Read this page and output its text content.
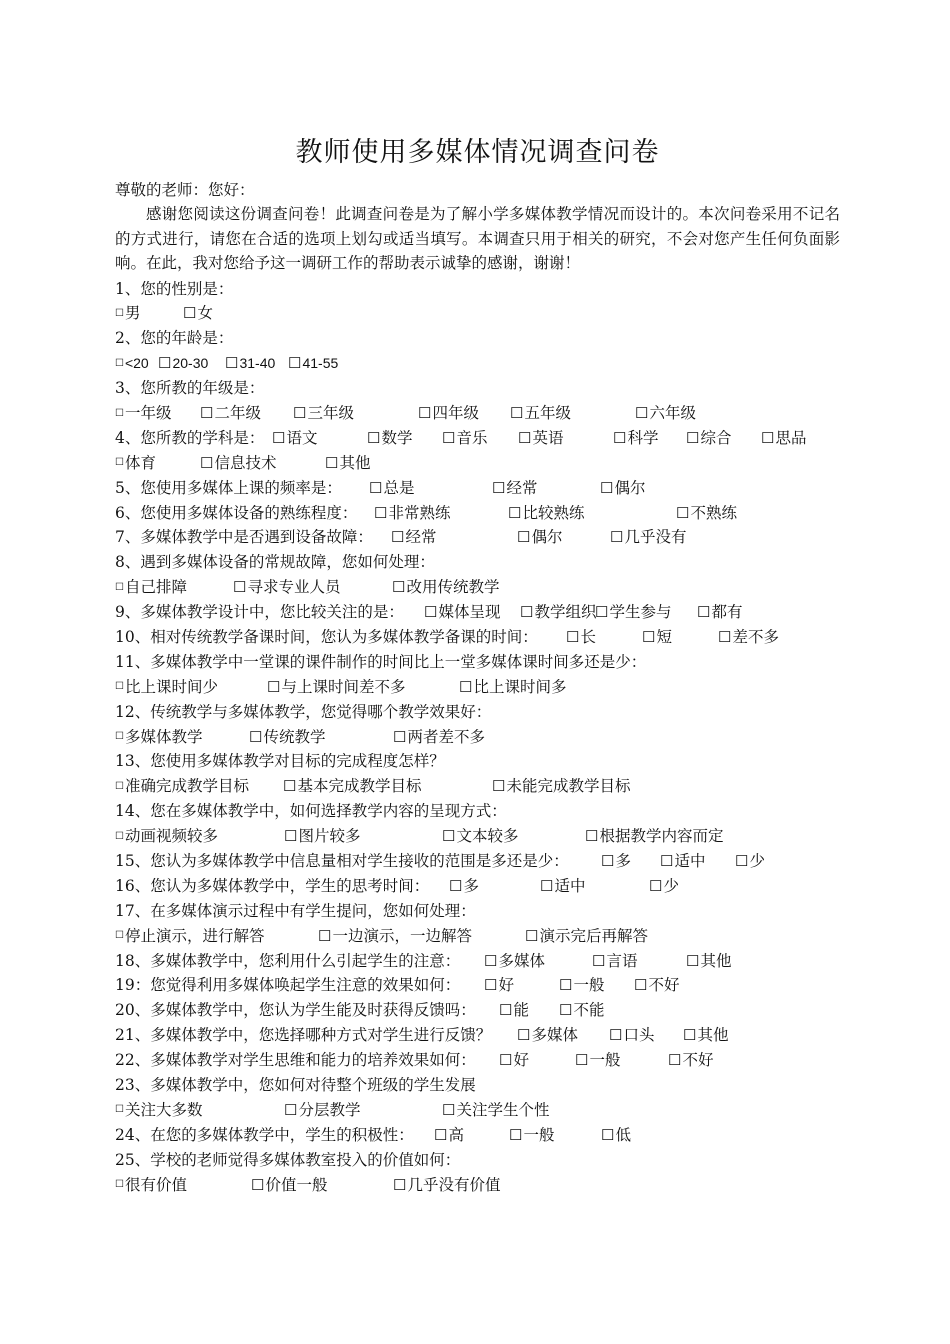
教师使用多媒体情况调查问卷
尊敬的老师：您好：
感谢您阅读这份调查问卷！此调查问卷是为了解小学多媒体教学情况而设计的。本次问卷采用不记名的方式进行，请您在合适的选项上划勾或适当填写。本调查只用于相关的研究，不会对您产生任何负面影响。在此，我对您给予这一调研工作的帮助表示诚挚的感谢，谢谢！
1、您的性别是：
☐男	☐女
2、您的年龄是：
☐<20 ☐20-30 ☐31-40 ☐41-55
3、您所教的年级是：
☐一年级 ☐二年级 ☐三年级	☐四年级 ☐五年级	☐六年级
4、您所教的学科是： ☐语文	☐数学 ☐音乐 ☐英语	☐科学 ☐综合 ☐思品
☐体育	☐信息技术	☐其他
5、您使用多媒体上课的频率是： ☐总是	☐经常	☐偶尔
6、您使用多媒体设备的熟练程度： ☐非常熟练	☐比较熟练	☐不熟练
7、多媒体教学中是否遇到设备故障： ☐经常	☐偶尔	☐几乎没有
8、遇到多媒体设备的常规故障，您如何处理：
☐自己排障	☐寻求专业人员	☐改用传统教学
9、多媒体教学设计中，您比较关注的是： ☐媒体呈现 ☐教学组织
☐学生参与 ☐都有
10、相对传统教学备课时间，您认为多媒体教学备课的时间： ☐长	☐短	☐差不多
11、多媒体教学中一堂课的课件制作的时间比上一堂多媒体课时间多还是少：
☐比上课时间少	☐与上课时间差不多	☐比上课时间多
12、传统教学与多媒体教学，您觉得哪个教学效果好：
☐多媒体教学	☐传统教学	☐两者差不多
13、您使用多媒体教学对目标的完成程度怎样？
☐准确完成教学目标 ☐基本完成教学目标	☐未能完成教学目标
14、您在多媒体教学中，如何选择教学内容的呈现方式：
☐动画视频较多	☐图片较多	☐文本较多	☐根据教学内容而定
15、您认为多媒体教学中信息量相对学生接收的范围是多还是少： ☐多 ☐适中 ☐少
16、您认为多媒体教学中，学生的思考时间： ☐多	☐适中	☐少
17、在多媒体演示过程中有学生提问，您如何处理：
☐停止演示，进行解答	☐一边演示，一边解答	☐演示完后再解答
18、多媒体教学中，您利用什么引起学生的注意： ☐多媒体	☐言语	☐其他
19：您觉得利用多媒体唤起学生注意的效果如何： ☐好	☐一般 ☐不好
20、多媒体教学中，您认为学生能及时获得反馈吗： ☐能 ☐不能
21、多媒体教学中，您选择哪种方式对学生进行反馈？ ☐多媒体 ☐口头 ☐其他
22、多媒体教学对学生思维和能力的培养效果如何： ☐好	☐一般	☐不好
23、多媒体教学中，您如何对待整个班级的学生发展
☐关注大多数	☐分层教学	☐关注学生个性
24、在您的多媒体教学中，学生的积极性： ☐高	☐一般	☐低
25、学校的老师觉得多媒体教室投入的价值如何：
☐很有价值	☐价值一般	☐几乎没有价值
